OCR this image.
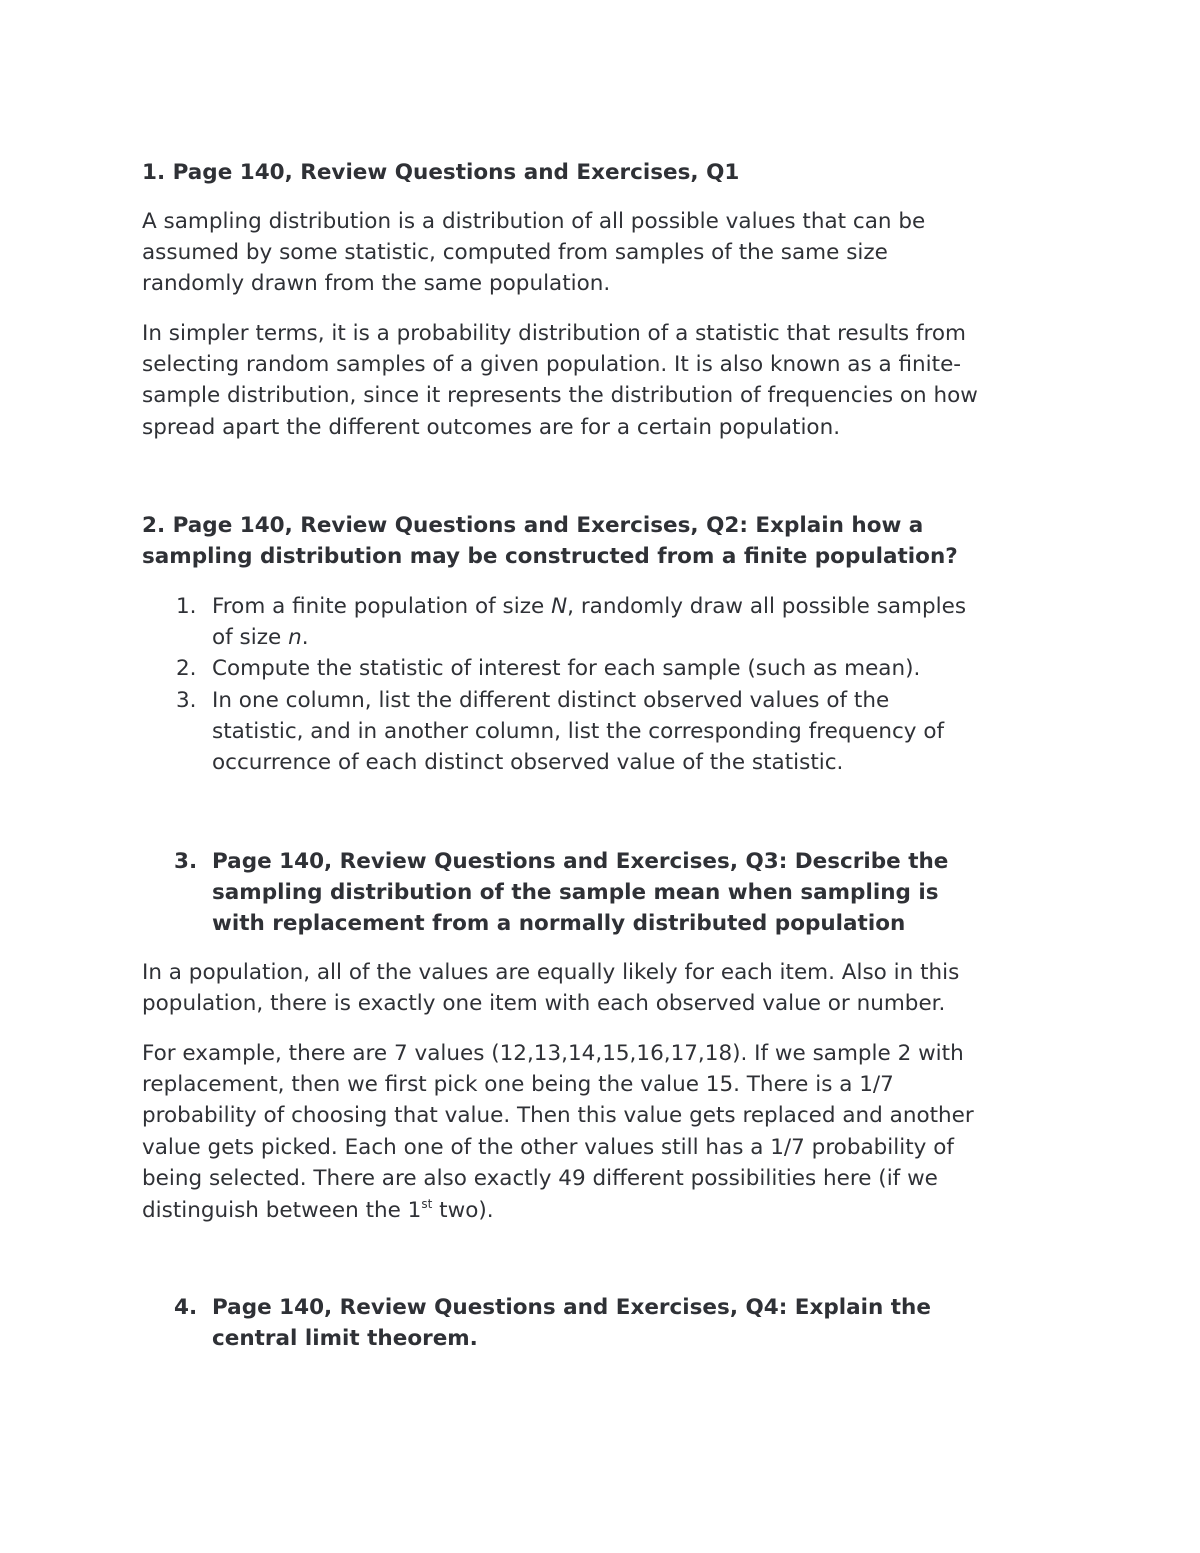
1. Page 140, Review Questions and Exercises, Q1
A sampling distribution is a distribution of all possible values that can be
assumed by some statistic, computed from samples of the same size
randomly drawn from the same population.
In simpler terms, it is a probability distribution of a statistic that results from
selecting random samples of a given population. It is also known as a finite-
sample distribution, since it represents the distribution of frequencies on how
spread apart the different outcomes are for a certain population.
2. Page 140, Review Questions and Exercises, Q2: Explain how a
sampling distribution may be constructed from a finite population?
1. From a finite population of size N, randomly draw all possible samples
of size n.
2. Compute the statistic of interest for each sample (such as mean).
3. In one column, list the different distinct observed values of the
statistic, and in another column, list the corresponding frequency of
occurrence of each distinct observed value of the statistic.
3. Page 140, Review Questions and Exercises, Q3: Describe the
sampling distribution of the sample mean when sampling is
with replacement from a normally distributed population
In a population, all of the values are equally likely for each item. Also in this
population, there is exactly one item with each observed value or number.
For example, there are 7 values (12,13,14,15,16,17,18). If we sample 2 with
replacement, then we first pick one being the value 15. There is a 1/7
probability of choosing that value. Then this value gets replaced and another
value gets picked. Each one of the other values still has a 1/7 probability of
being selected. There are also exactly 49 different possibilities here (if we
distinguish between the 1st two).
4. Page 140, Review Questions and Exercises, Q4: Explain the
central limit theorem.
